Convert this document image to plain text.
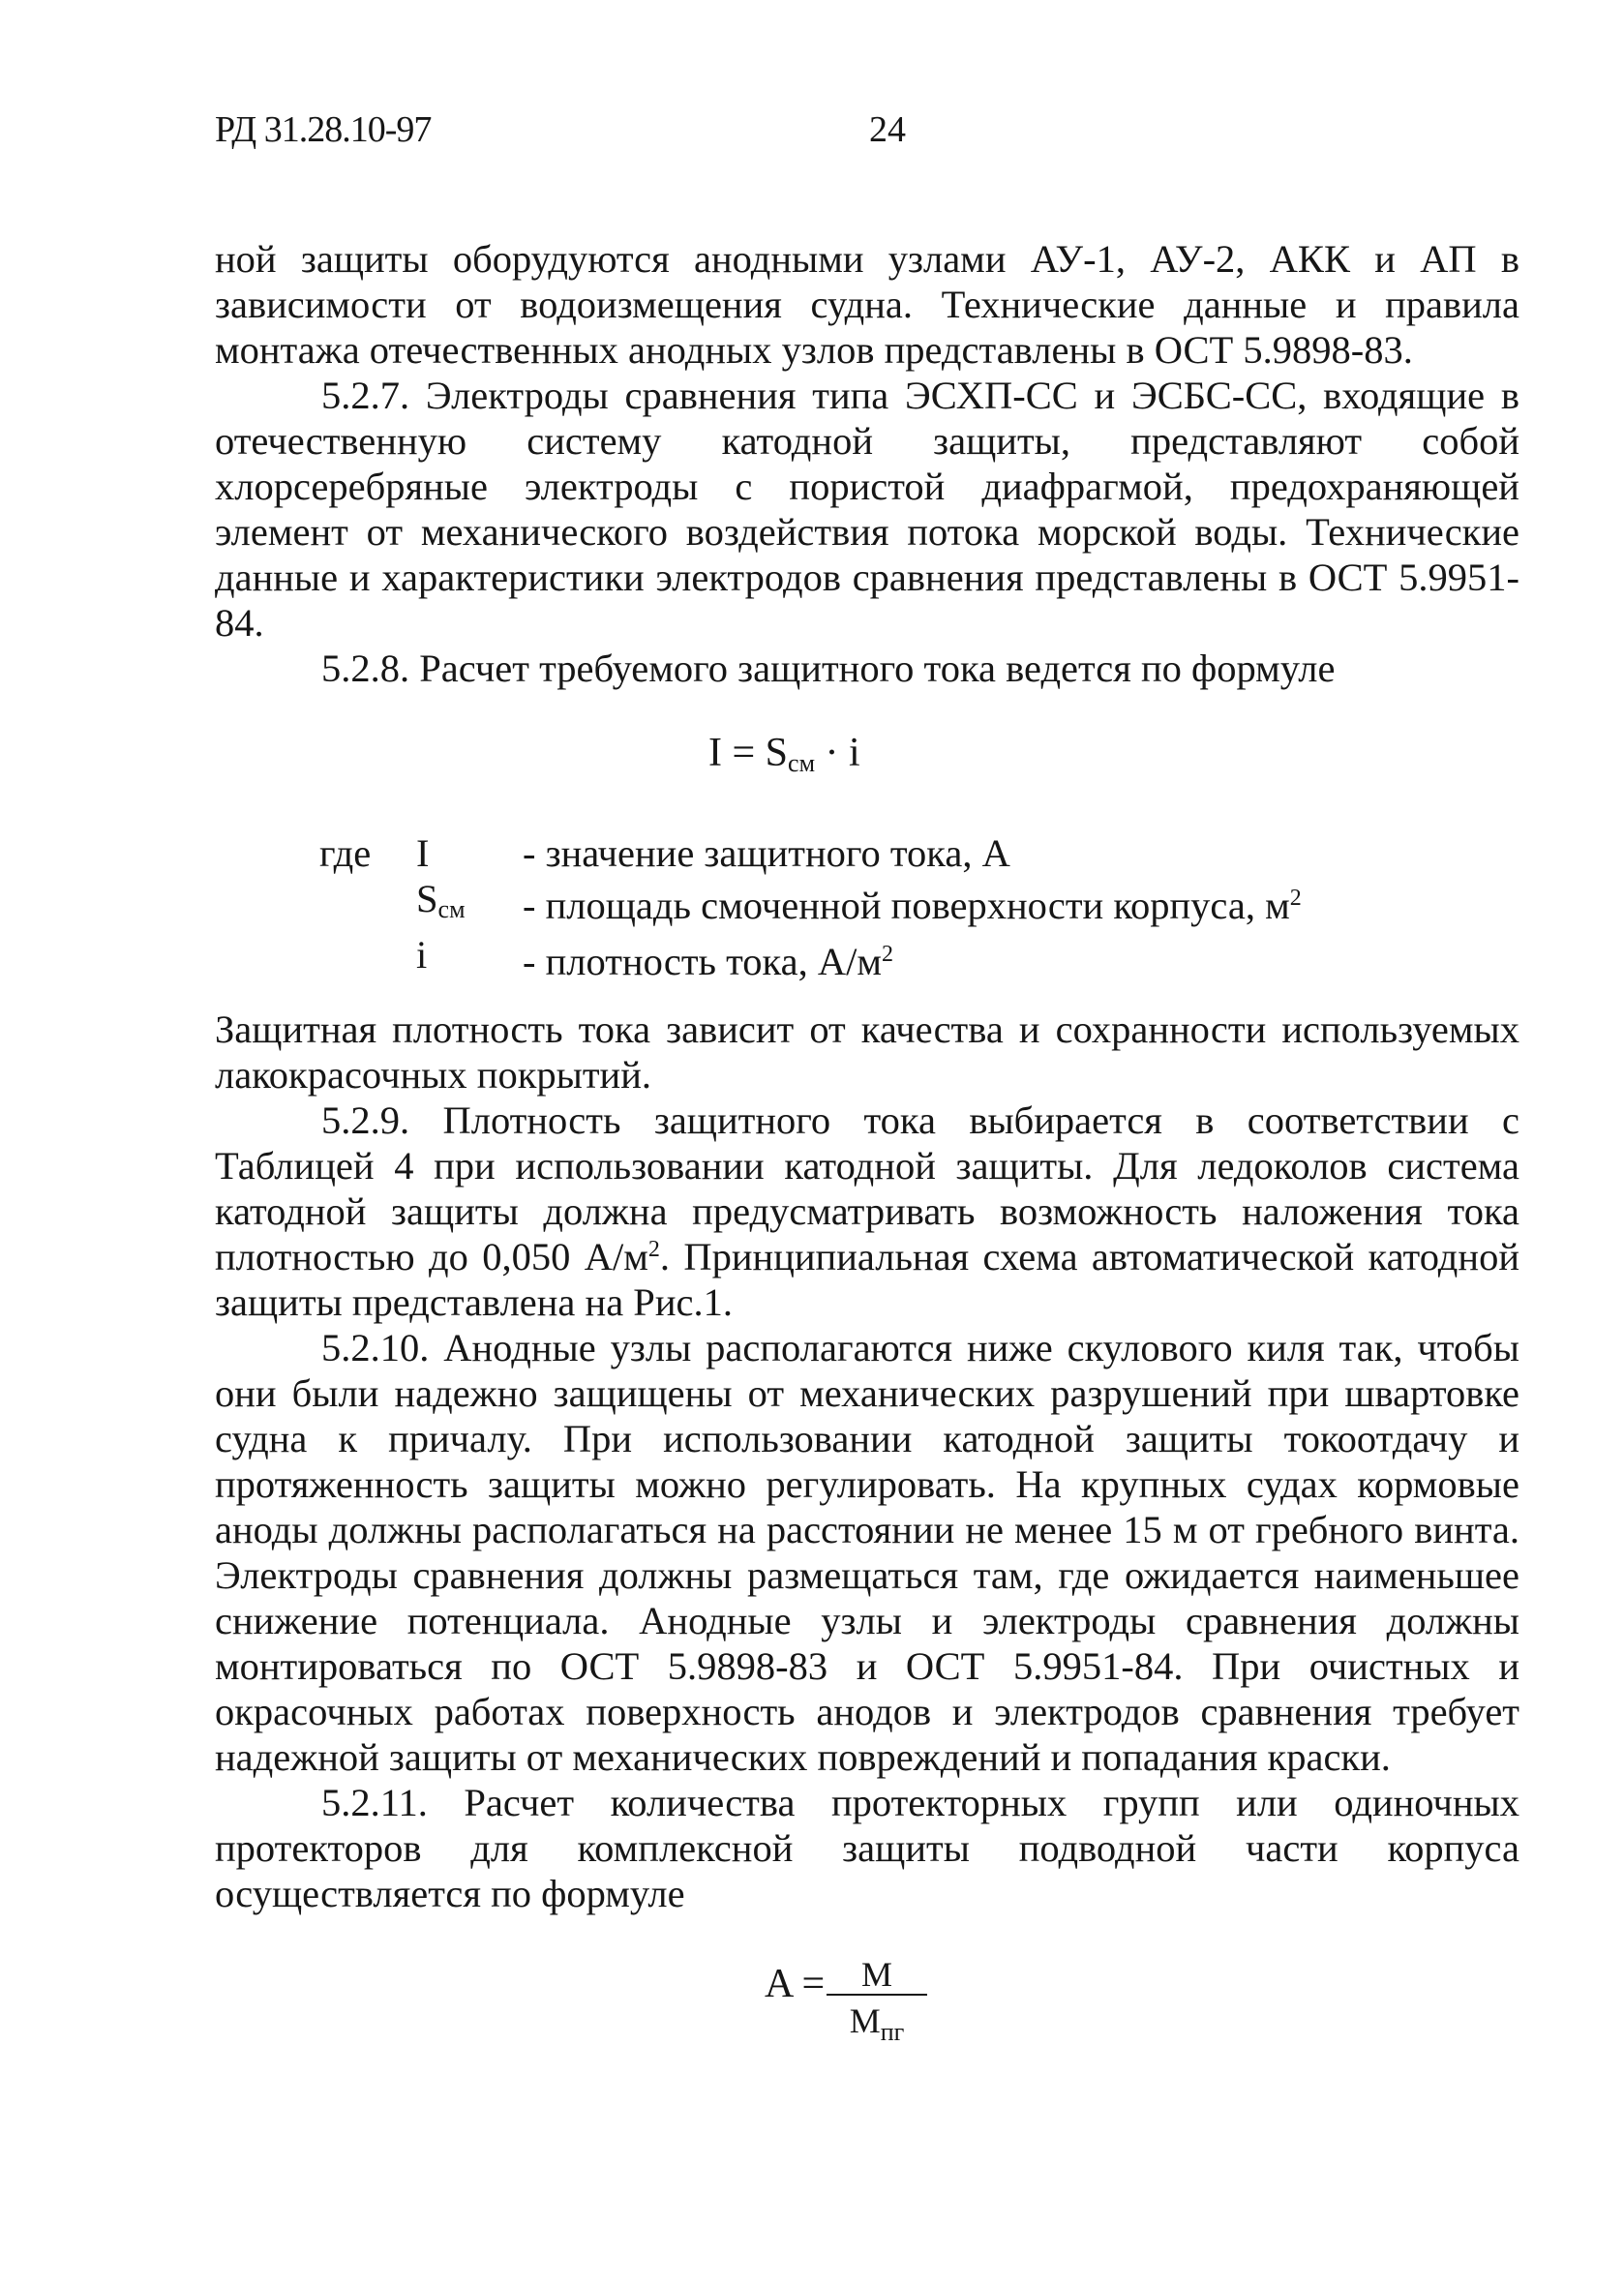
РД 31.28.10-97	24

ной защиты оборудуются анодными узлами АУ-1, АУ-2, АКК и АП в зависимости от водоизмещения судна. Технические данные и правила монтажа отечественных анодных узлов представлены в ОСТ 5.9898-83.

5.2.7. Электроды сравнения типа ЭСХП-СС и ЭСБС-СС, входящие в отечественную систему катодной защиты, представляют собой хлорсеребряные электроды с пористой диафрагмой, предохраняющей элемент от механического воздействия потока морской воды. Технические данные и характеристики электродов сравнения представлены в ОСТ 5.9951-84.

5.2.8. Расчет требуемого защитного тока ведется по формуле

$I = S_{см} \cdot i$
где	I	- значение защитного тока, А
$S_{см}$	- площадь смоченной поверхности корпуса, $м^2$
i	- плотность тока, $А/м^2$

Защитная плотность тока зависит от качества и сохранности используемых лакокрасочных покрытий.

5.2.9. Плотность защитного тока выбирается в соответствии с Таблицей 4 при использовании катодной защиты. Для ледоколов система катодной защиты должна предусматривать возможность наложения тока плотностью до 0,050 $А/м^2$. Принципиальная схема автоматической катодной защиты представлена на Рис.1.

5.2.10. Анодные узлы располагаются ниже скулового киля так, чтобы они были надежно защищены от механических разрушений при швартовке судна к причалу. При использовании катодной защиты токоотдачу и протяженность защиты можно регулировать. На крупных судах кормовые аноды должны располагаться на расстоянии не менее 15 м от гребного винта. Электроды сравнения должны размещаться там, где ожидается наименьшее снижение потенциала. Анодные узлы и электроды сравнения должны монтироваться по ОСТ 5.9898-83 и ОСТ 5.9951-84. При очистных и окрасочных работах поверхность анодов и электродов сравнения требует надежной защиты от механических повреждений и попадания краски.

5.2.11. Расчет количества протекторных групп или одиночных протекторов для комплексной защиты подводной части корпуса осуществляется по формуле

A =	M
$M_{пг}$
